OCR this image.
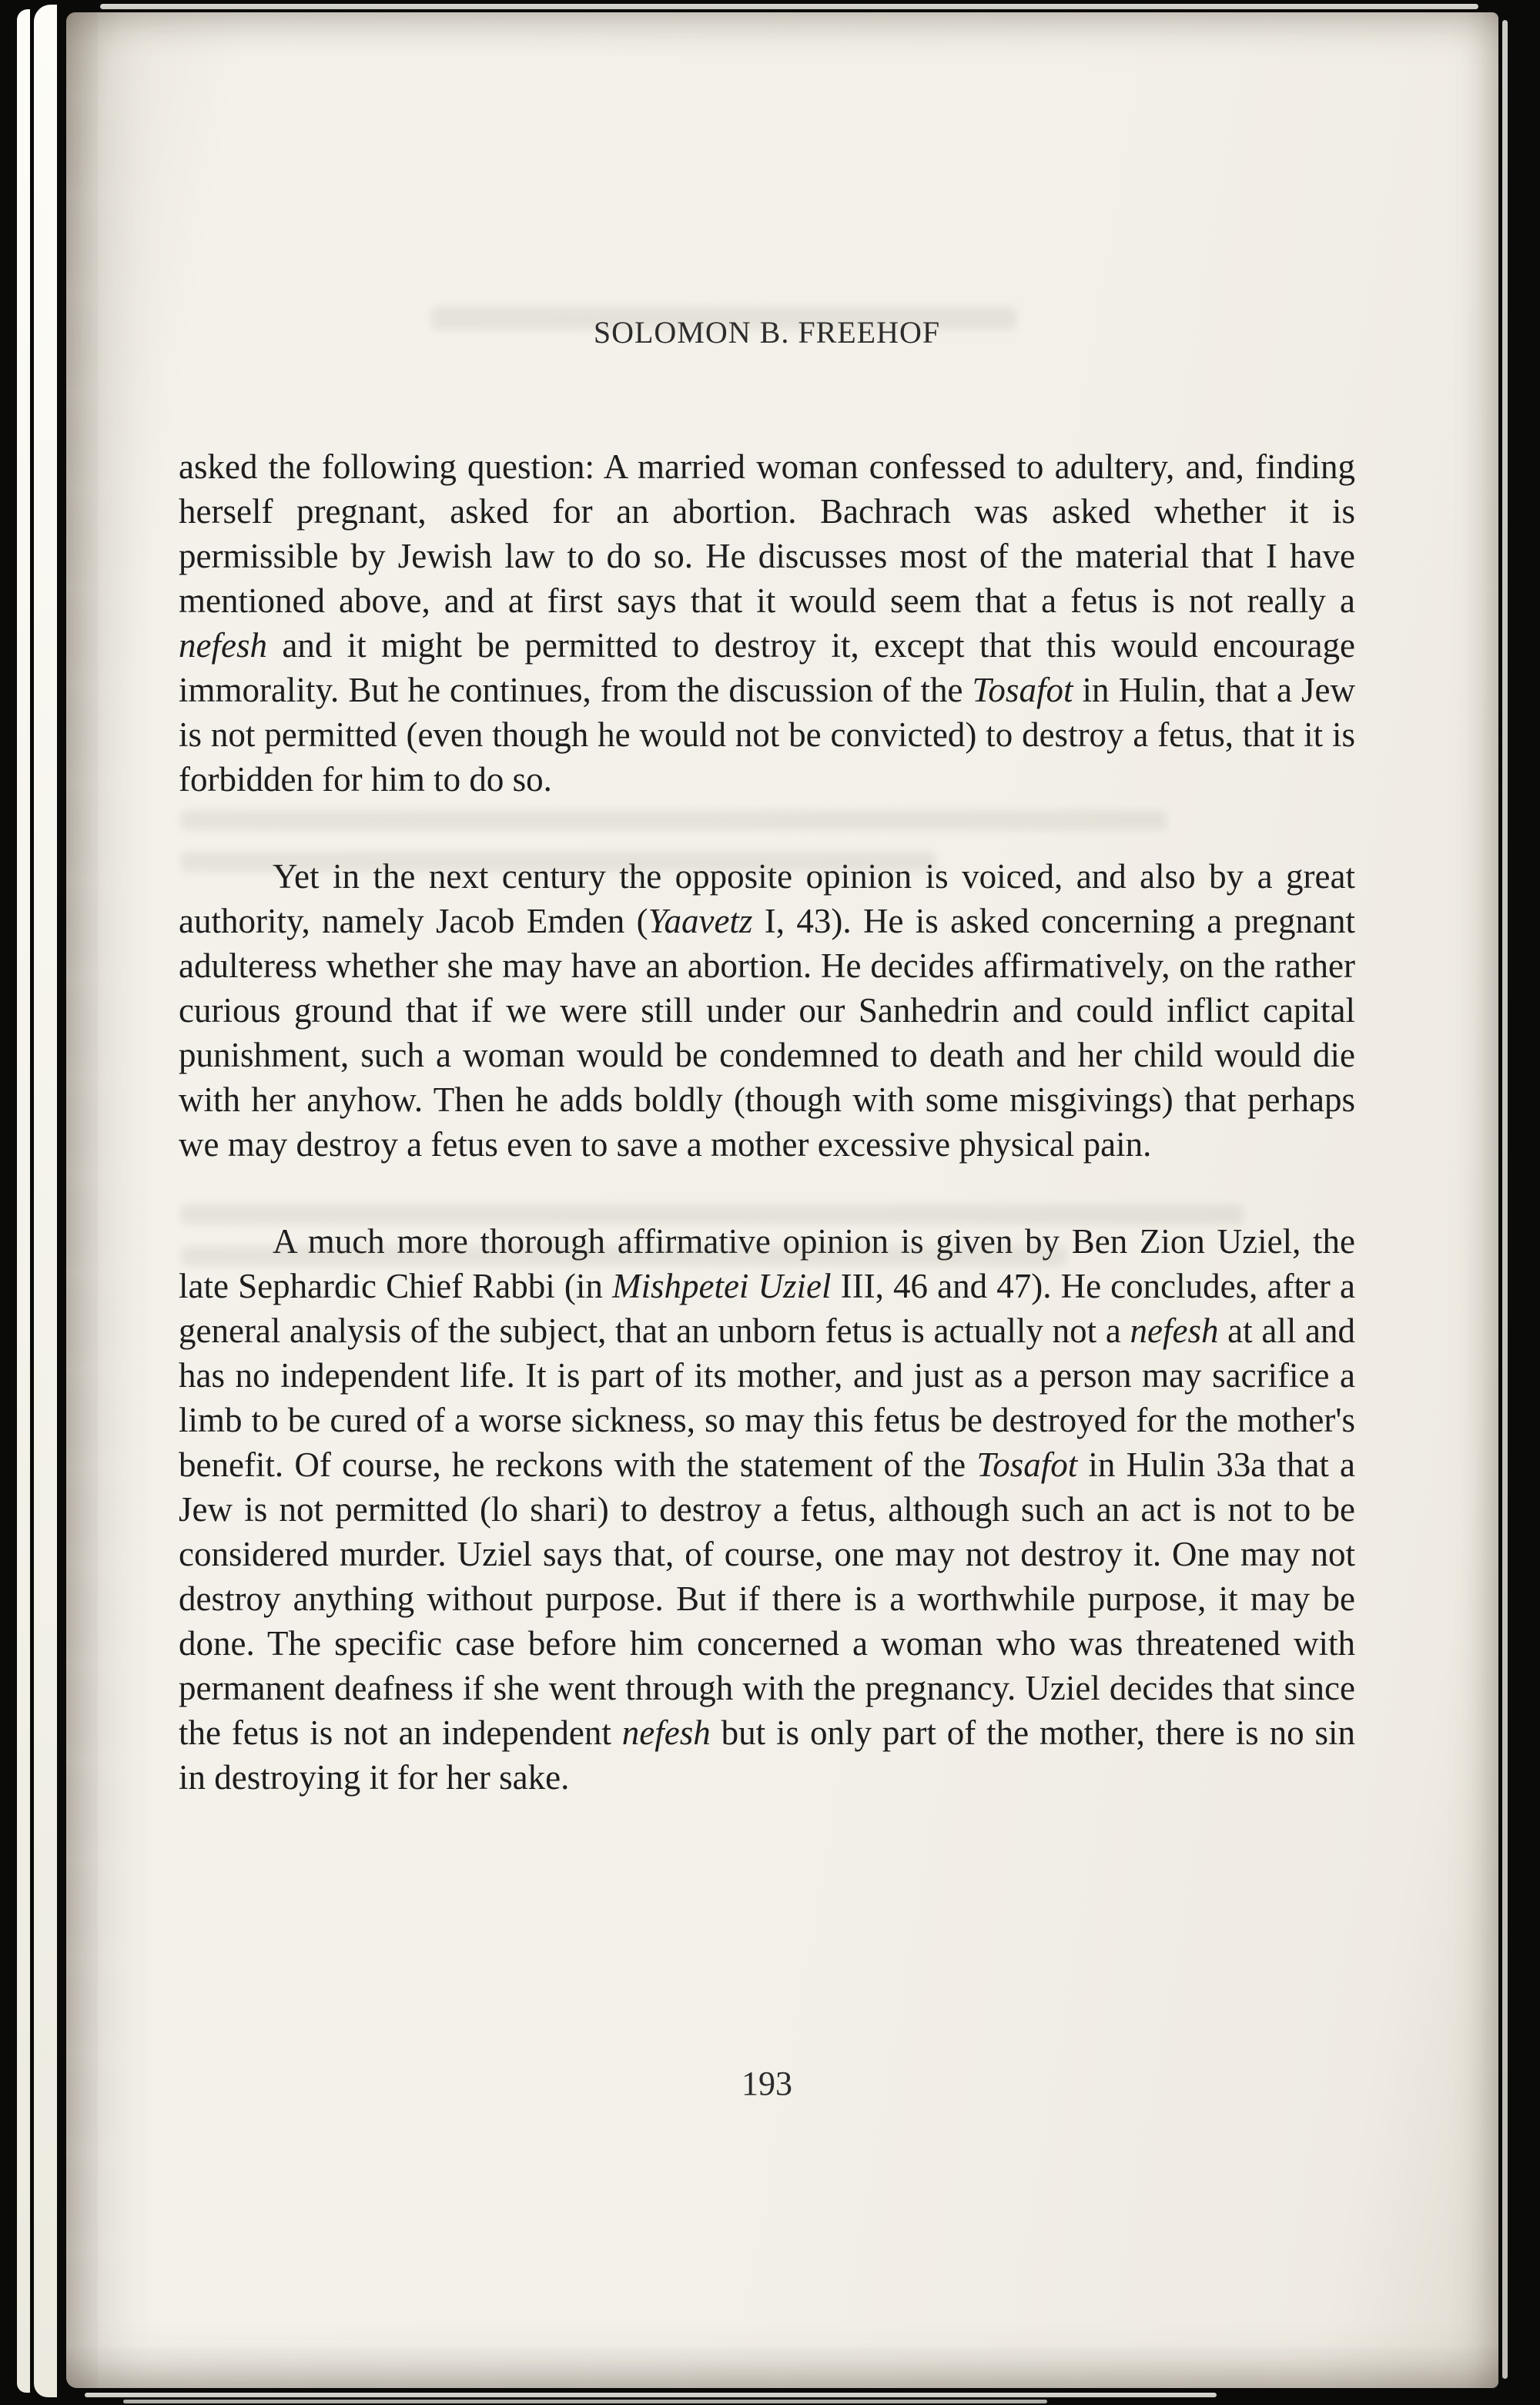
SOLOMON B. FREEHOF

asked the following question: A married woman confessed to adultery, and, finding herself pregnant, asked for an abortion. Bachrach was asked whether it is permissible by Jewish law to do so. He discusses most of the material that I have mentioned above, and at first says that it would seem that a fetus is not really a nefesh and it might be permitted to destroy it, except that this would encourage immorality. But he continues, from the discussion of the Tosafot in Hulin, that a Jew is not permitted (even though he would not be convicted) to destroy a fetus, that it is forbidden for him to do so.

Yet in the next century the opposite opinion is voiced, and also by a great authority, namely Jacob Emden (Yaavetz I, 43). He is asked concerning a pregnant adulteress whether she may have an abortion. He decides affirmatively, on the rather curious ground that if we were still under our Sanhedrin and could inflict capital punishment, such a woman would be condemned to death and her child would die with her anyhow. Then he adds boldly (though with some misgivings) that perhaps we may destroy a fetus even to save a mother excessive physical pain.

A much more thorough affirmative opinion is given by Ben Zion Uziel, the late Sephardic Chief Rabbi (in Mishpetei Uziel III, 46 and 47). He concludes, after a general analysis of the subject, that an unborn fetus is actually not a nefesh at all and has no independent life. It is part of its mother, and just as a person may sacrifice a limb to be cured of a worse sickness, so may this fetus be destroyed for the mother's benefit. Of course, he reckons with the statement of the Tosafot in Hulin 33a that a Jew is not permitted (lo shari) to destroy a fetus, although such an act is not to be considered murder. Uziel says that, of course, one may not destroy it. One may not destroy anything without purpose. But if there is a worthwhile purpose, it may be done. The specific case before him concerned a woman who was threatened with permanent deafness if she went through with the pregnancy. Uziel decides that since the fetus is not an independent nefesh but is only part of the mother, there is no sin in destroying it for her sake.

193
